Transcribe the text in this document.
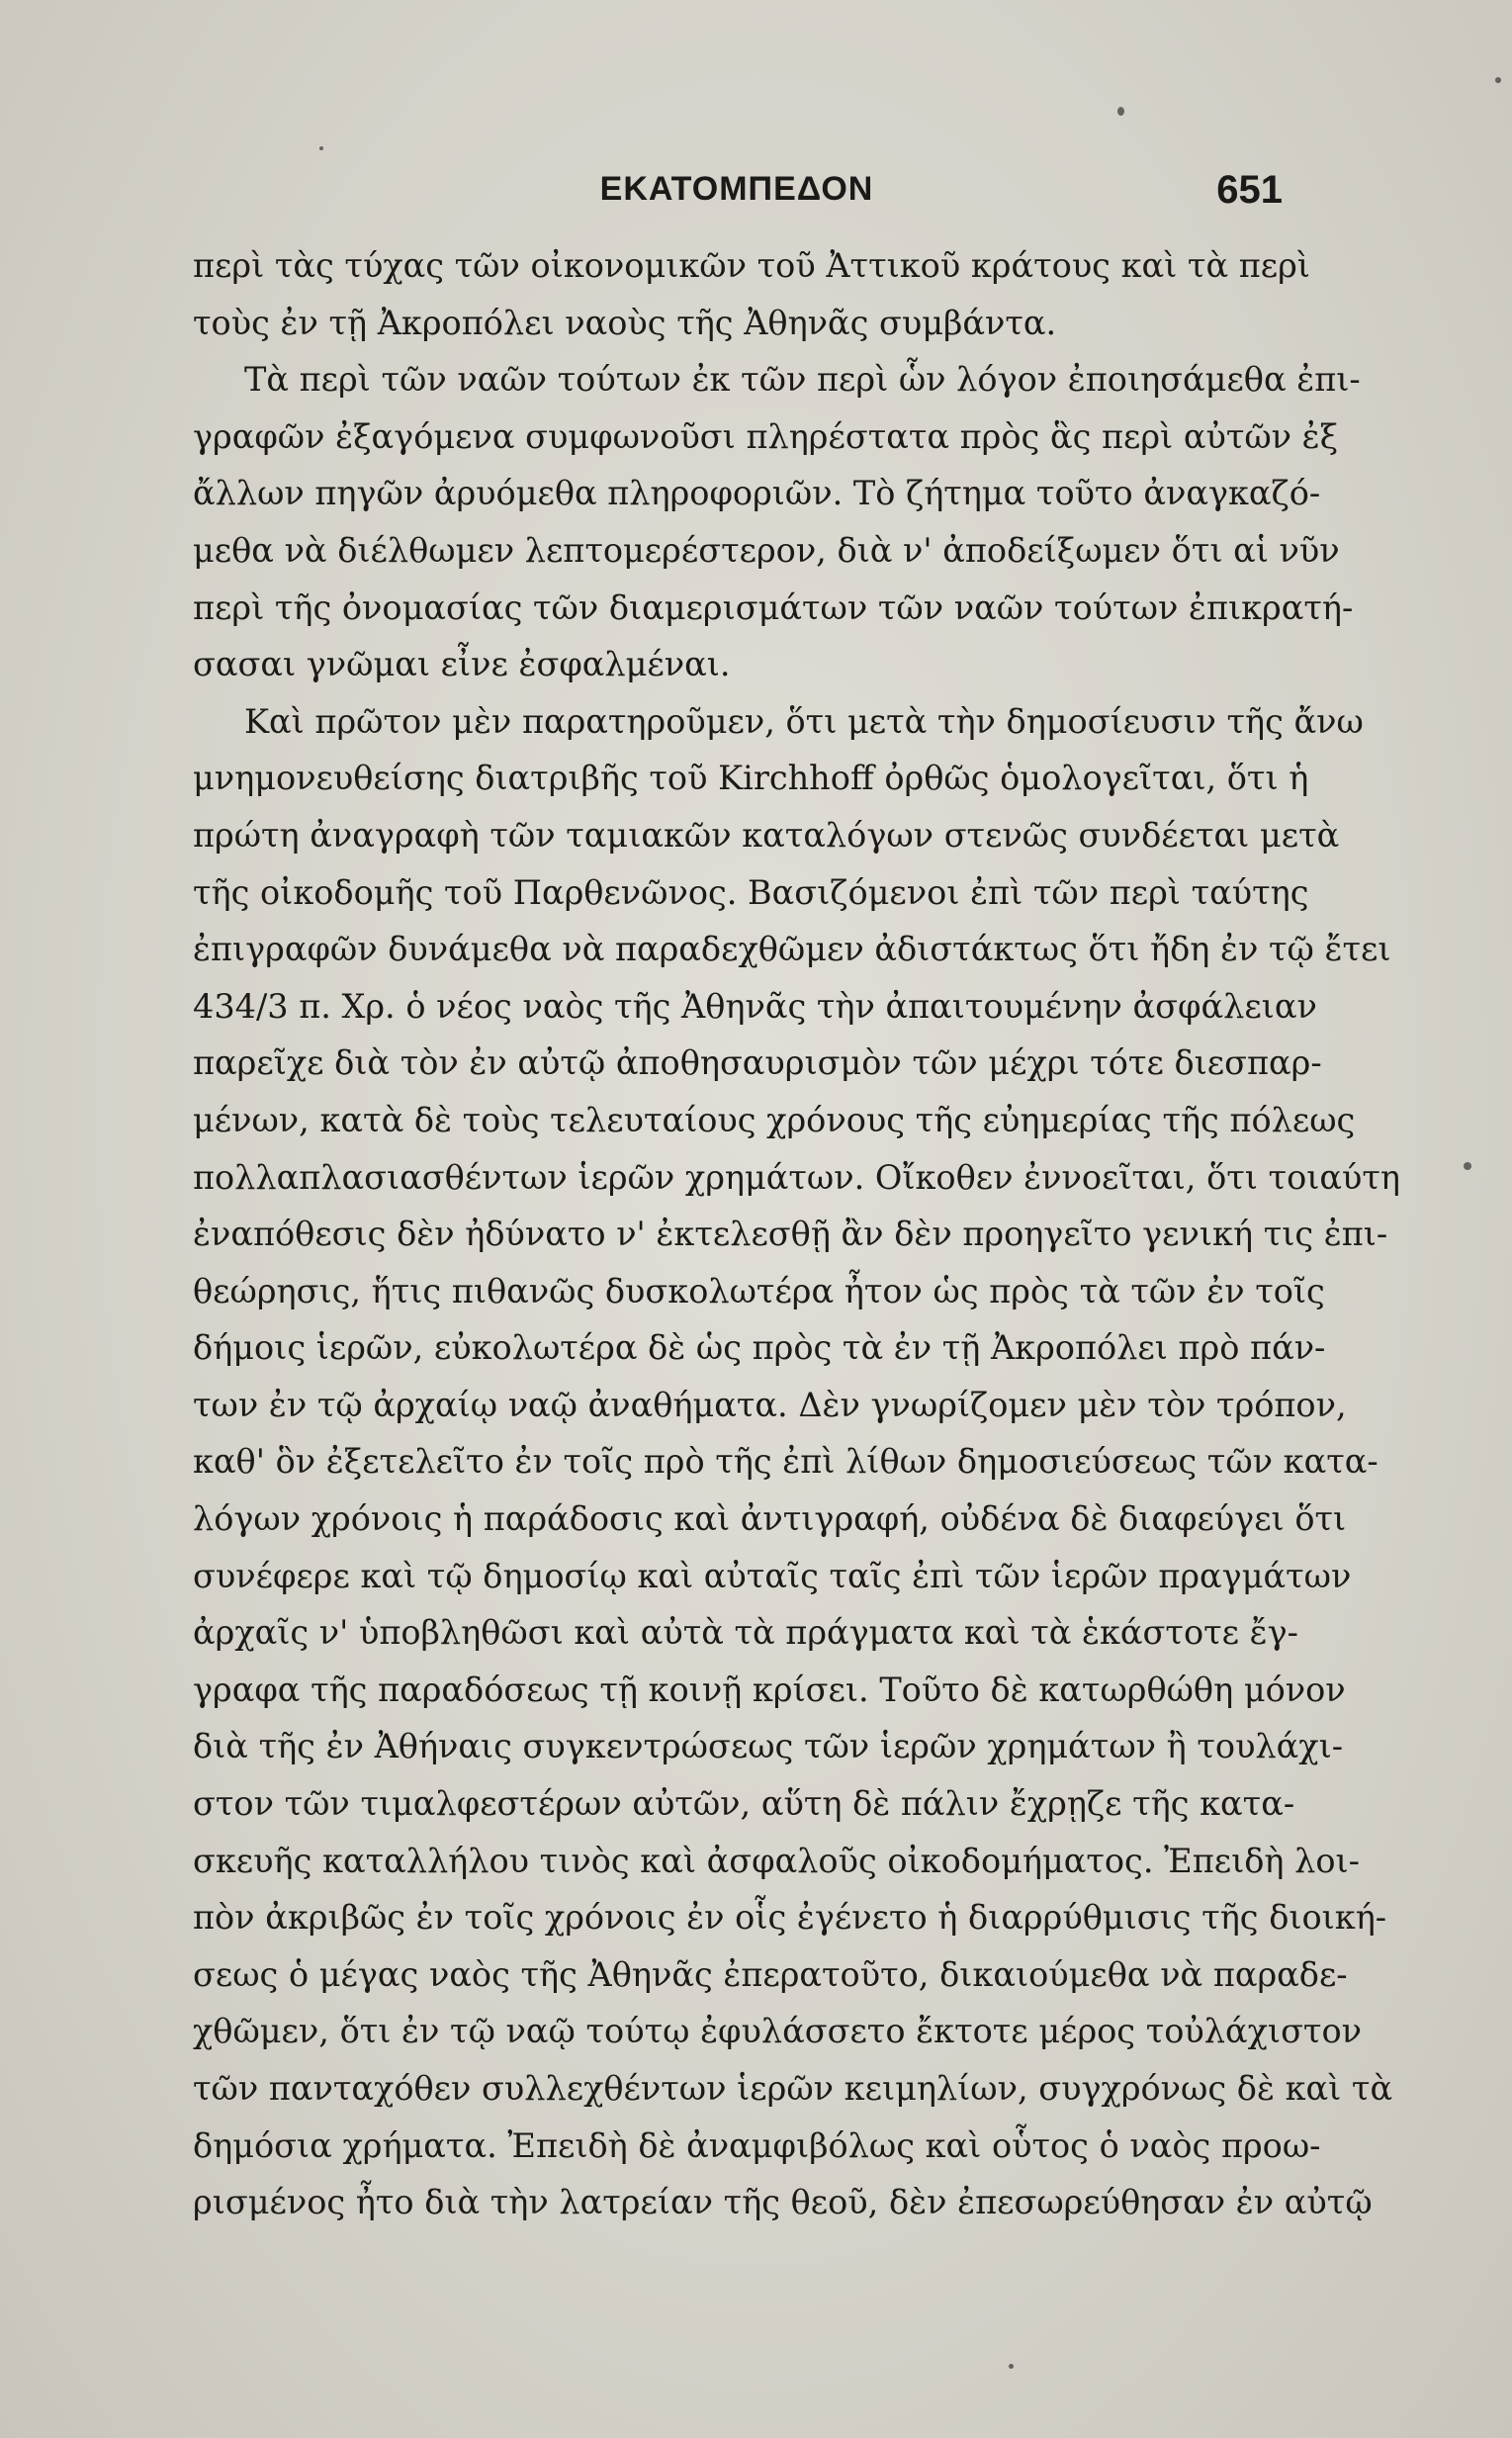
ΕΚΑΤΟΜΠΕΔΟΝ	651
περὶ τὰς τύχας τῶν οἰκονομικῶν τοῦ Ἀττικοῦ κράτους καὶ τὰ περὶ
τοὺς ἐν τῇ Ἀκροπόλει ναοὺς τῆς Ἀθηνᾶς συμβάντα.
Τὰ περὶ τῶν ναῶν τούτων ἐκ τῶν περὶ ὧν λόγον ἐποιησάμεθα ἐπι-
γραφῶν ἐξαγόμενα συμφωνοῦσι πληρέστατα πρὸς ἃς περὶ αὐτῶν ἐξ
ἄλλων πηγῶν ἀρυόμεθα πληροφοριῶν. Τὸ ζήτημα τοῦτο ἀναγκαζό-
μεθα νὰ διέλθωμεν λεπτομερέστερον, διὰ ν' ἀποδείξωμεν ὅτι αἱ νῦν
περὶ τῆς ὀνομασίας τῶν διαμερισμάτων τῶν ναῶν τούτων ἐπικρατή-
σασαι γνῶμαι εἶνε ἐσφαλμέναι.
Καὶ πρῶτον μὲν παρατηροῦμεν, ὅτι μετὰ τὴν δημοσίευσιν τῆς ἄνω
μνημονευθείσης διατριβῆς τοῦ Kirchhoff ὀρθῶς ὁμολογεῖται, ὅτι ἡ
πρώτη ἀναγραφὴ τῶν ταμιακῶν καταλόγων στενῶς συνδέεται μετὰ
τῆς οἰκοδομῆς τοῦ Παρθενῶνος. Βασιζόμενοι ἐπὶ τῶν περὶ ταύτης
ἐπιγραφῶν δυνάμεθα νὰ παραδεχθῶμεν ἀδιστάκτως ὅτι ἤδη ἐν τῷ ἔτει
434/3 π. Χρ. ὁ νέος ναὸς τῆς Ἀθηνᾶς τὴν ἀπαιτουμένην ἀσφάλειαν
παρεῖχε διὰ τὸν ἐν αὐτῷ ἀποθησαυρισμὸν τῶν μέχρι τότε διεσπαρ-
μένων, κατὰ δὲ τοὺς τελευταίους χρόνους τῆς εὐημερίας τῆς πόλεως
πολλαπλασιασθέντων ἱερῶν χρημάτων. Οἴκοθεν ἐννοεῖται, ὅτι τοιαύτη
ἐναπόθεσις δὲν ἠδύνατο ν' ἐκτελεσθῇ ἂν δὲν προηγεῖτο γενική τις ἐπι-
θεώρησις, ἥτις πιθανῶς δυσκολωτέρα ἦτον ὡς πρὸς τὰ τῶν ἐν τοῖς
δήμοις ἱερῶν, εὐκολωτέρα δὲ ὡς πρὸς τὰ ἐν τῇ Ἀκροπόλει πρὸ πάν-
των ἐν τῷ ἀρχαίῳ ναῷ ἀναθήματα. Δὲν γνωρίζομεν μὲν τὸν τρόπον,
καθ' ὃν ἐξετελεῖτο ἐν τοῖς πρὸ τῆς ἐπὶ λίθων δημοσιεύσεως τῶν κατα-
λόγων χρόνοις ἡ παράδοσις καὶ ἀντιγραφή, οὐδένα δὲ διαφεύγει ὅτι
συνέφερε καὶ τῷ δημοσίῳ καὶ αὐταῖς ταῖς ἐπὶ τῶν ἱερῶν πραγμάτων
ἀρχαῖς ν' ὑποβληθῶσι καὶ αὐτὰ τὰ πράγματα καὶ τὰ ἑκάστοτε ἔγ-
γραφα τῆς παραδόσεως τῇ κοινῇ κρίσει. Τοῦτο δὲ κατωρθώθη μόνον
διὰ τῆς ἐν Ἀθήναις συγκεντρώσεως τῶν ἱερῶν χρημάτων ἢ τουλάχι-
στον τῶν τιμαλφεστέρων αὐτῶν, αὕτη δὲ πάλιν ἔχρῃζε τῆς κατα-
σκευῆς καταλλήλου τινὸς καὶ ἀσφαλοῦς οἰκοδομήματος. Ἐπειδὴ λοι-
πὸν ἀκριβῶς ἐν τοῖς χρόνοις ἐν οἷς ἐγένετο ἡ διαρρύθμισις τῆς διοική-
σεως ὁ μέγας ναὸς τῆς Ἀθηνᾶς ἐπερατοῦτο, δικαιούμεθα νὰ παραδε-
χθῶμεν, ὅτι ἐν τῷ ναῷ τούτῳ ἐφυλάσσετο ἔκτοτε μέρος τοὐλάχιστον
τῶν πανταχόθεν συλλεχθέντων ἱερῶν κειμηλίων, συγχρόνως δὲ καὶ τὰ
δημόσια χρήματα. Ἐπειδὴ δὲ ἀναμφιβόλως καὶ οὗτος ὁ ναὸς προω-
ρισμένος ἦτο διὰ τὴν λατρείαν τῆς θεοῦ, δὲν ἐπεσωρεύθησαν ἐν αὐτῷ
